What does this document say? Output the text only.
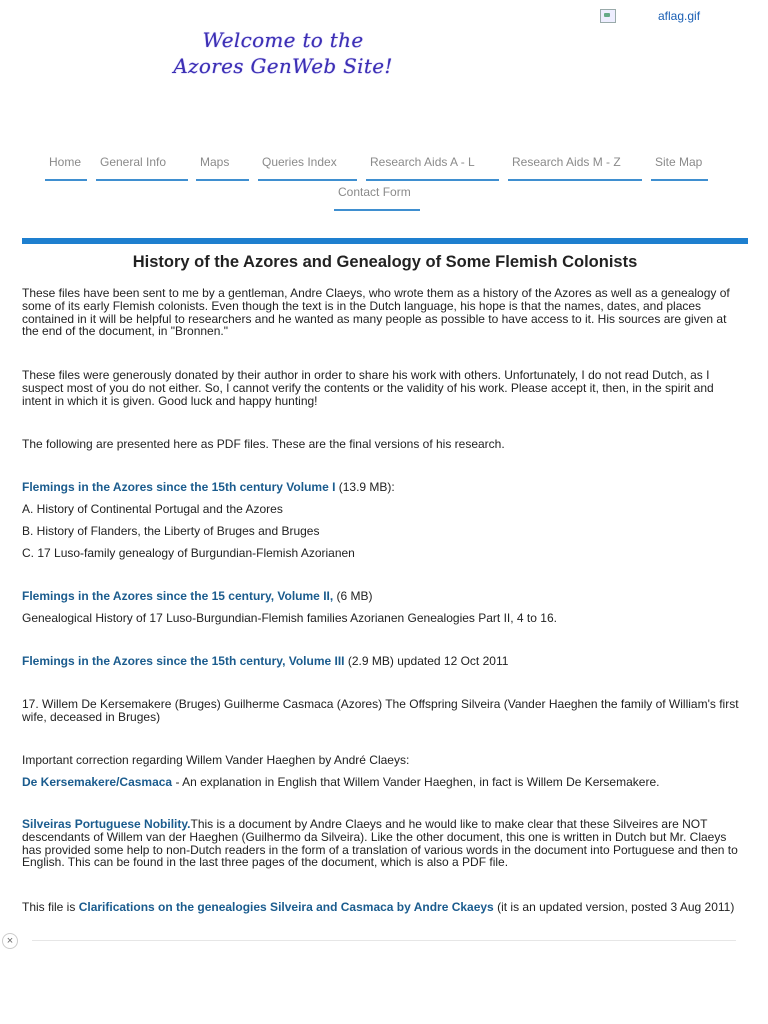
Welcome to the
Azores GenWeb Site!
aflag.gif
Home General Info	Maps	Queries Index	Research Aids A - L	Research Aids M - Z	Site Map
Contact Form
History of the Azores and Genealogy of Some Flemish Colonists
These files have been sent to me by a gentleman, Andre Claeys, who wrote them as a history of the Azores as well as a genealogy of some of its early Flemish colonists. Even though the text is in the Dutch language, his hope is that the names, dates, and places contained in it will be helpful to researchers and he wanted as many people as possible to have access to it. His sources are given at the end of the document, in "Bronnen."
These files were generously donated by their author in order to share his work with others. Unfortunately, I do not read Dutch, as I suspect most of you do not either. So, I cannot verify the contents or the validity of his work. Please accept it, then, in the spirit and intent in which it is given. Good luck and happy hunting!
The following are presented here as PDF files. These are the final versions of his research.
Flemings in the Azores since the 15th century Volume I (13.9 MB):
A. History of Continental Portugal and the Azores
B. History of Flanders, the Liberty of Bruges and Bruges
C. 17 Luso-family genealogy of Burgundian-Flemish Azorianen
Flemings in the Azores since the 15 century, Volume II, (6 MB)
Genealogical History of 17 Luso-Burgundian-Flemish families Azorianen Genealogies Part II, 4 to 16.
Flemings in the Azores since the 15th century, Volume III (2.9 MB) updated 12 Oct 2011
17. Willem De Kersemakere (Bruges) Guilherme Casmaca (Azores) The Offspring Silveira (Vander Haeghen the family of William's first wife, deceased in Bruges)
Important correction regarding Willem Vander Haeghen by André Claeys:
De Kersemakere/Casmaca - An explanation in English that Willem Vander Haeghen, in fact is Willem De Kersemakere.
Silveiras Portuguese Nobility.This is a document by Andre Claeys and he would like to make clear that these Silveires are NOT descendants of Willem van der Haeghen (Guilhermo da Silveira). Like the other document, this one is written in Dutch but Mr. Claeys has provided some help to non-Dutch readers in the form of a translation of various words in the document into Portuguese and then to English. This can be found in the last three pages of the document, which is also a PDF file.
This file is Clarifications on the genealogies Silveira and Casmaca by Andre Ckaeys (it is an updated version, posted 3 Aug 2011)
×
